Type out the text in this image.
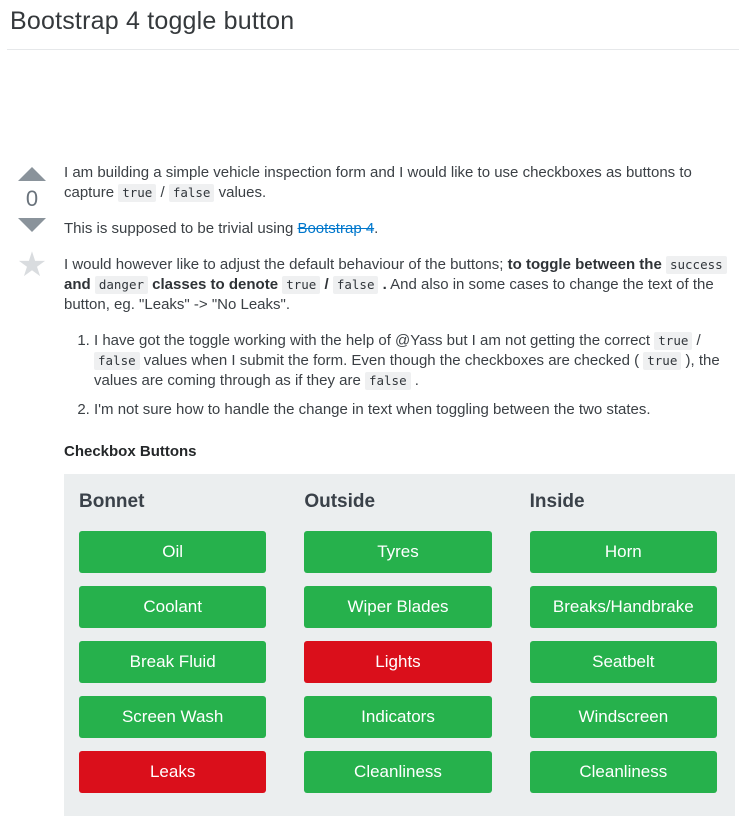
Bootstrap 4 toggle button
0
★

I am building a simple vehicle inspection form and I would like to use checkboxes as buttons to capture true / false values.

This is supposed to be trivial using Bootstrap 4.

I would however like to adjust the default behaviour of the buttons; to toggle between the success and danger classes to denote true / false . And also in some cases to change the text of the button, eg. "Leaks" -> "No Leaks".

1. I have got the toggle working with the help of @Yass but I am not getting the correct true / false values when I submit the form. Even though the checkboxes are checked ( true ), the values are coming through as if they are false .
2. I'm not sure how to handle the change in text when toggling between the two states.
Checkbox Buttons
Bonnet
Oil
Coolant
Break Fluid
Screen Wash
Leaks
Outside
Tyres
Wiper Blades
Lights
Indicators
Cleanliness
Inside
Horn
Breaks/Handbrake
Seatbelt
Windscreen
Cleanliness
